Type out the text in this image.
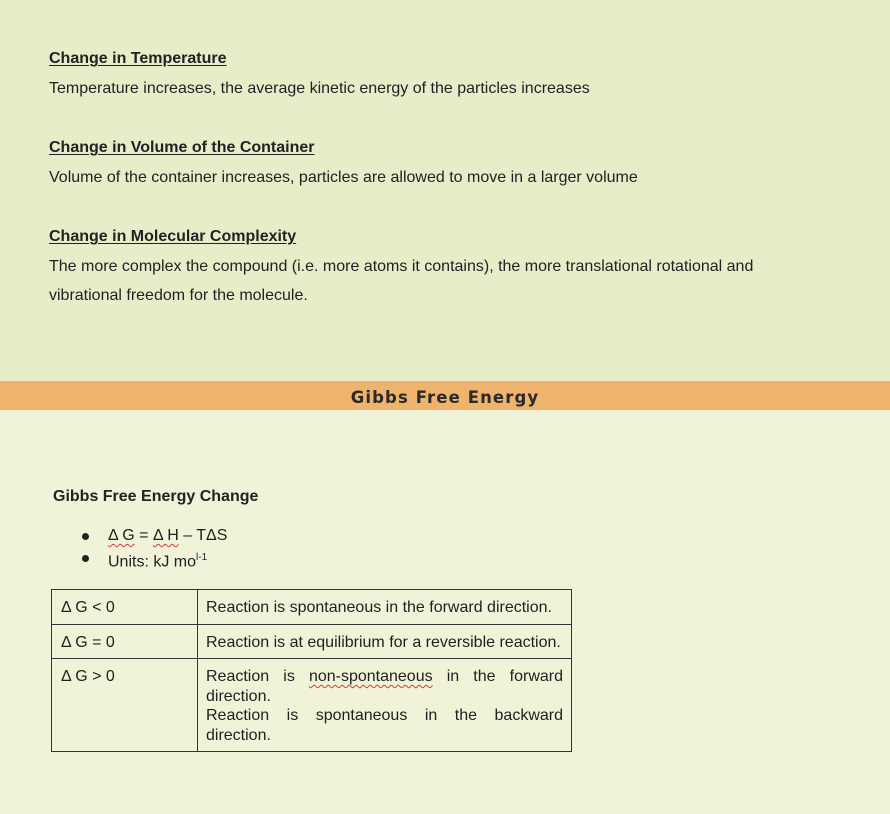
Change in Temperature

Temperature increases, the average kinetic energy of the particles increases

Change in Volume of the Container

Volume of the container increases, particles are allowed to move in a larger volume

Change in Molecular Complexity

The more complex the compound (i.e. more atoms it contains), the more translational rotational and

vibrational freedom for the molecule.

Gibbs Free Energy
Gibbs Free Energy Change
Δ G = Δ H – TΔS
Units: kJ $mo^{l-1}$
Δ G < 0	Reaction is spontaneous in the forward direction.

Δ G = 0	Reaction is at equilibrium for a reversible reaction.

Δ G > 0	Reaction is non-spontaneous in the forward direction.

Reaction is spontaneous in the backward direction.
